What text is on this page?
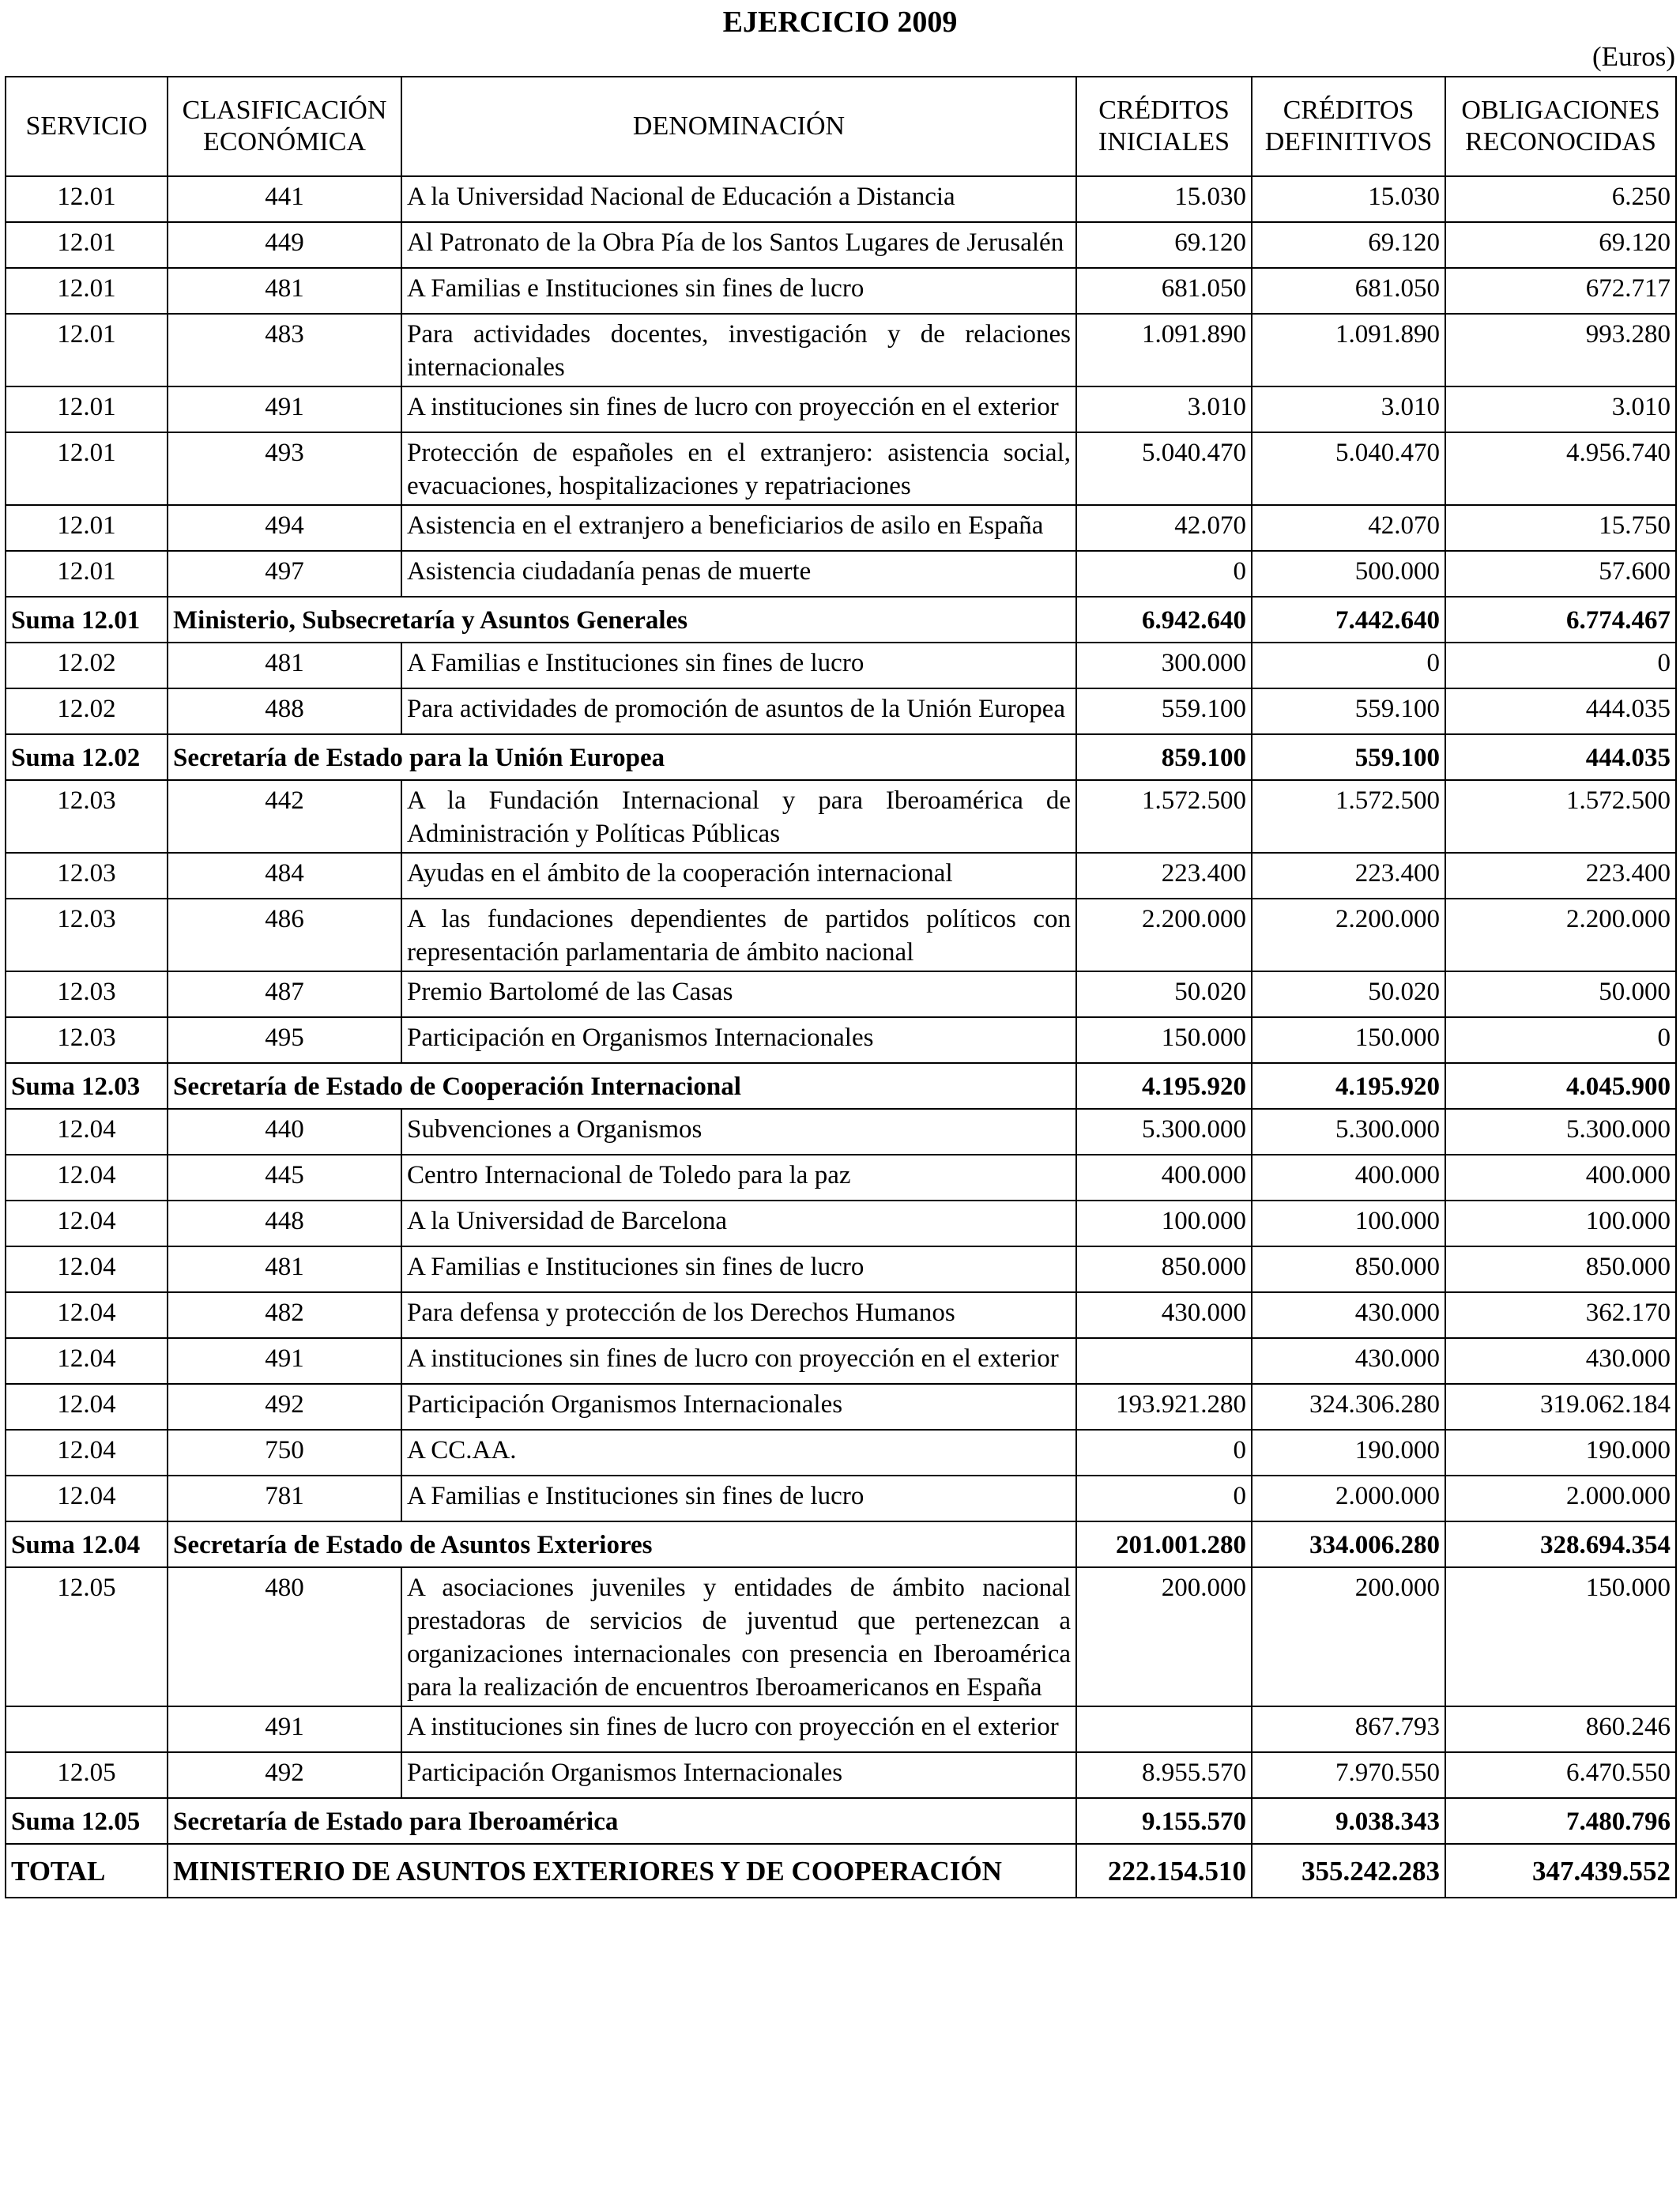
EJERCICIO 2009
(Euros)
SERVICIO	CLASIFICACIÓN ECONÓMICA	DENOMINACIÓN	CRÉDITOS INICIALES	CRÉDITOS DEFINITIVOS	OBLIGACIONES RECONOCIDAS
12.01	441	A la Universidad Nacional de Educación a Distancia	15.030	15.030	6.250
12.01	449	Al Patronato de la Obra Pía de los Santos Lugares de Jerusalén	69.120	69.120	69.120
12.01	481	A Familias e Instituciones sin fines de lucro	681.050	681.050	672.717
12.01	483	Para actividades docentes, investigación y de relaciones internacionales	1.091.890	1.091.890	993.280
12.01	491	A instituciones sin fines de lucro con proyección en el exterior	3.010	3.010	3.010
12.01	493	Protección de españoles en el extranjero: asistencia social, evacuaciones, hospitalizaciones y repatriaciones	5.040.470	5.040.470	4.956.740
12.01	494	Asistencia en el extranjero a beneficiarios de asilo en España	42.070	42.070	15.750
12.01	497	Asistencia ciudadanía penas de muerte	0	500.000	57.600
Suma 12.01	Ministerio, Subsecretaría y Asuntos Generales		6.942.640	7.442.640	6.774.467
12.02	481	A Familias e Instituciones sin fines de lucro	300.000	0	0
12.02	488	Para actividades de promoción de asuntos de la Unión Europea	559.100	559.100	444.035
Suma 12.02	Secretaría de Estado para la Unión Europea		859.100	559.100	444.035
12.03	442	A la Fundación Internacional y para Iberoamérica de Administración y Políticas Públicas	1.572.500	1.572.500	1.572.500
12.03	484	Ayudas en el ámbito de la cooperación internacional	223.400	223.400	223.400
12.03	486	A las fundaciones dependientes de partidos políticos con representación parlamentaria de ámbito nacional	2.200.000	2.200.000	2.200.000
12.03	487	Premio Bartolomé de las Casas	50.020	50.020	50.000
12.03	495	Participación en Organismos Internacionales	150.000	150.000	0
Suma 12.03	Secretaría de Estado de Cooperación Internacional		4.195.920	4.195.920	4.045.900
12.04	440	Subvenciones a Organismos	5.300.000	5.300.000	5.300.000
12.04	445	Centro Internacional de Toledo para la paz	400.000	400.000	400.000
12.04	448	A la Universidad de Barcelona	100.000	100.000	100.000
12.04	481	A Familias e Instituciones sin fines de lucro	850.000	850.000	850.000
12.04	482	Para defensa y protección de los Derechos Humanos	430.000	430.000	362.170
12.04	491	A instituciones sin fines de lucro con proyección en el exterior		430.000	430.000
12.04	492	Participación Organismos Internacionales	193.921.280	324.306.280	319.062.184
12.04	750	A CC.AA.	0	190.000	190.000
12.04	781	A Familias e Instituciones sin fines de lucro	0	2.000.000	2.000.000
Suma 12.04	Secretaría de Estado de Asuntos Exteriores		201.001.280	334.006.280	328.694.354
12.05	480	A asociaciones juveniles y entidades de ámbito nacional prestadoras de servicios de juventud que pertenezcan a organizaciones internacionales con presencia en Iberoamérica para la realización de encuentros Iberoamericanos en España	200.000	200.000	150.000
	491	A instituciones sin fines de lucro con proyección en el exterior		867.793	860.246
12.05	492	Participación Organismos Internacionales	8.955.570	7.970.550	6.470.550
Suma 12.05	Secretaría de Estado para Iberoamérica		9.155.570	9.038.343	7.480.796
TOTAL	MINISTERIO DE ASUNTOS EXTERIORES Y DE COOPERACIÓN		222.154.510	355.242.283	347.439.552
